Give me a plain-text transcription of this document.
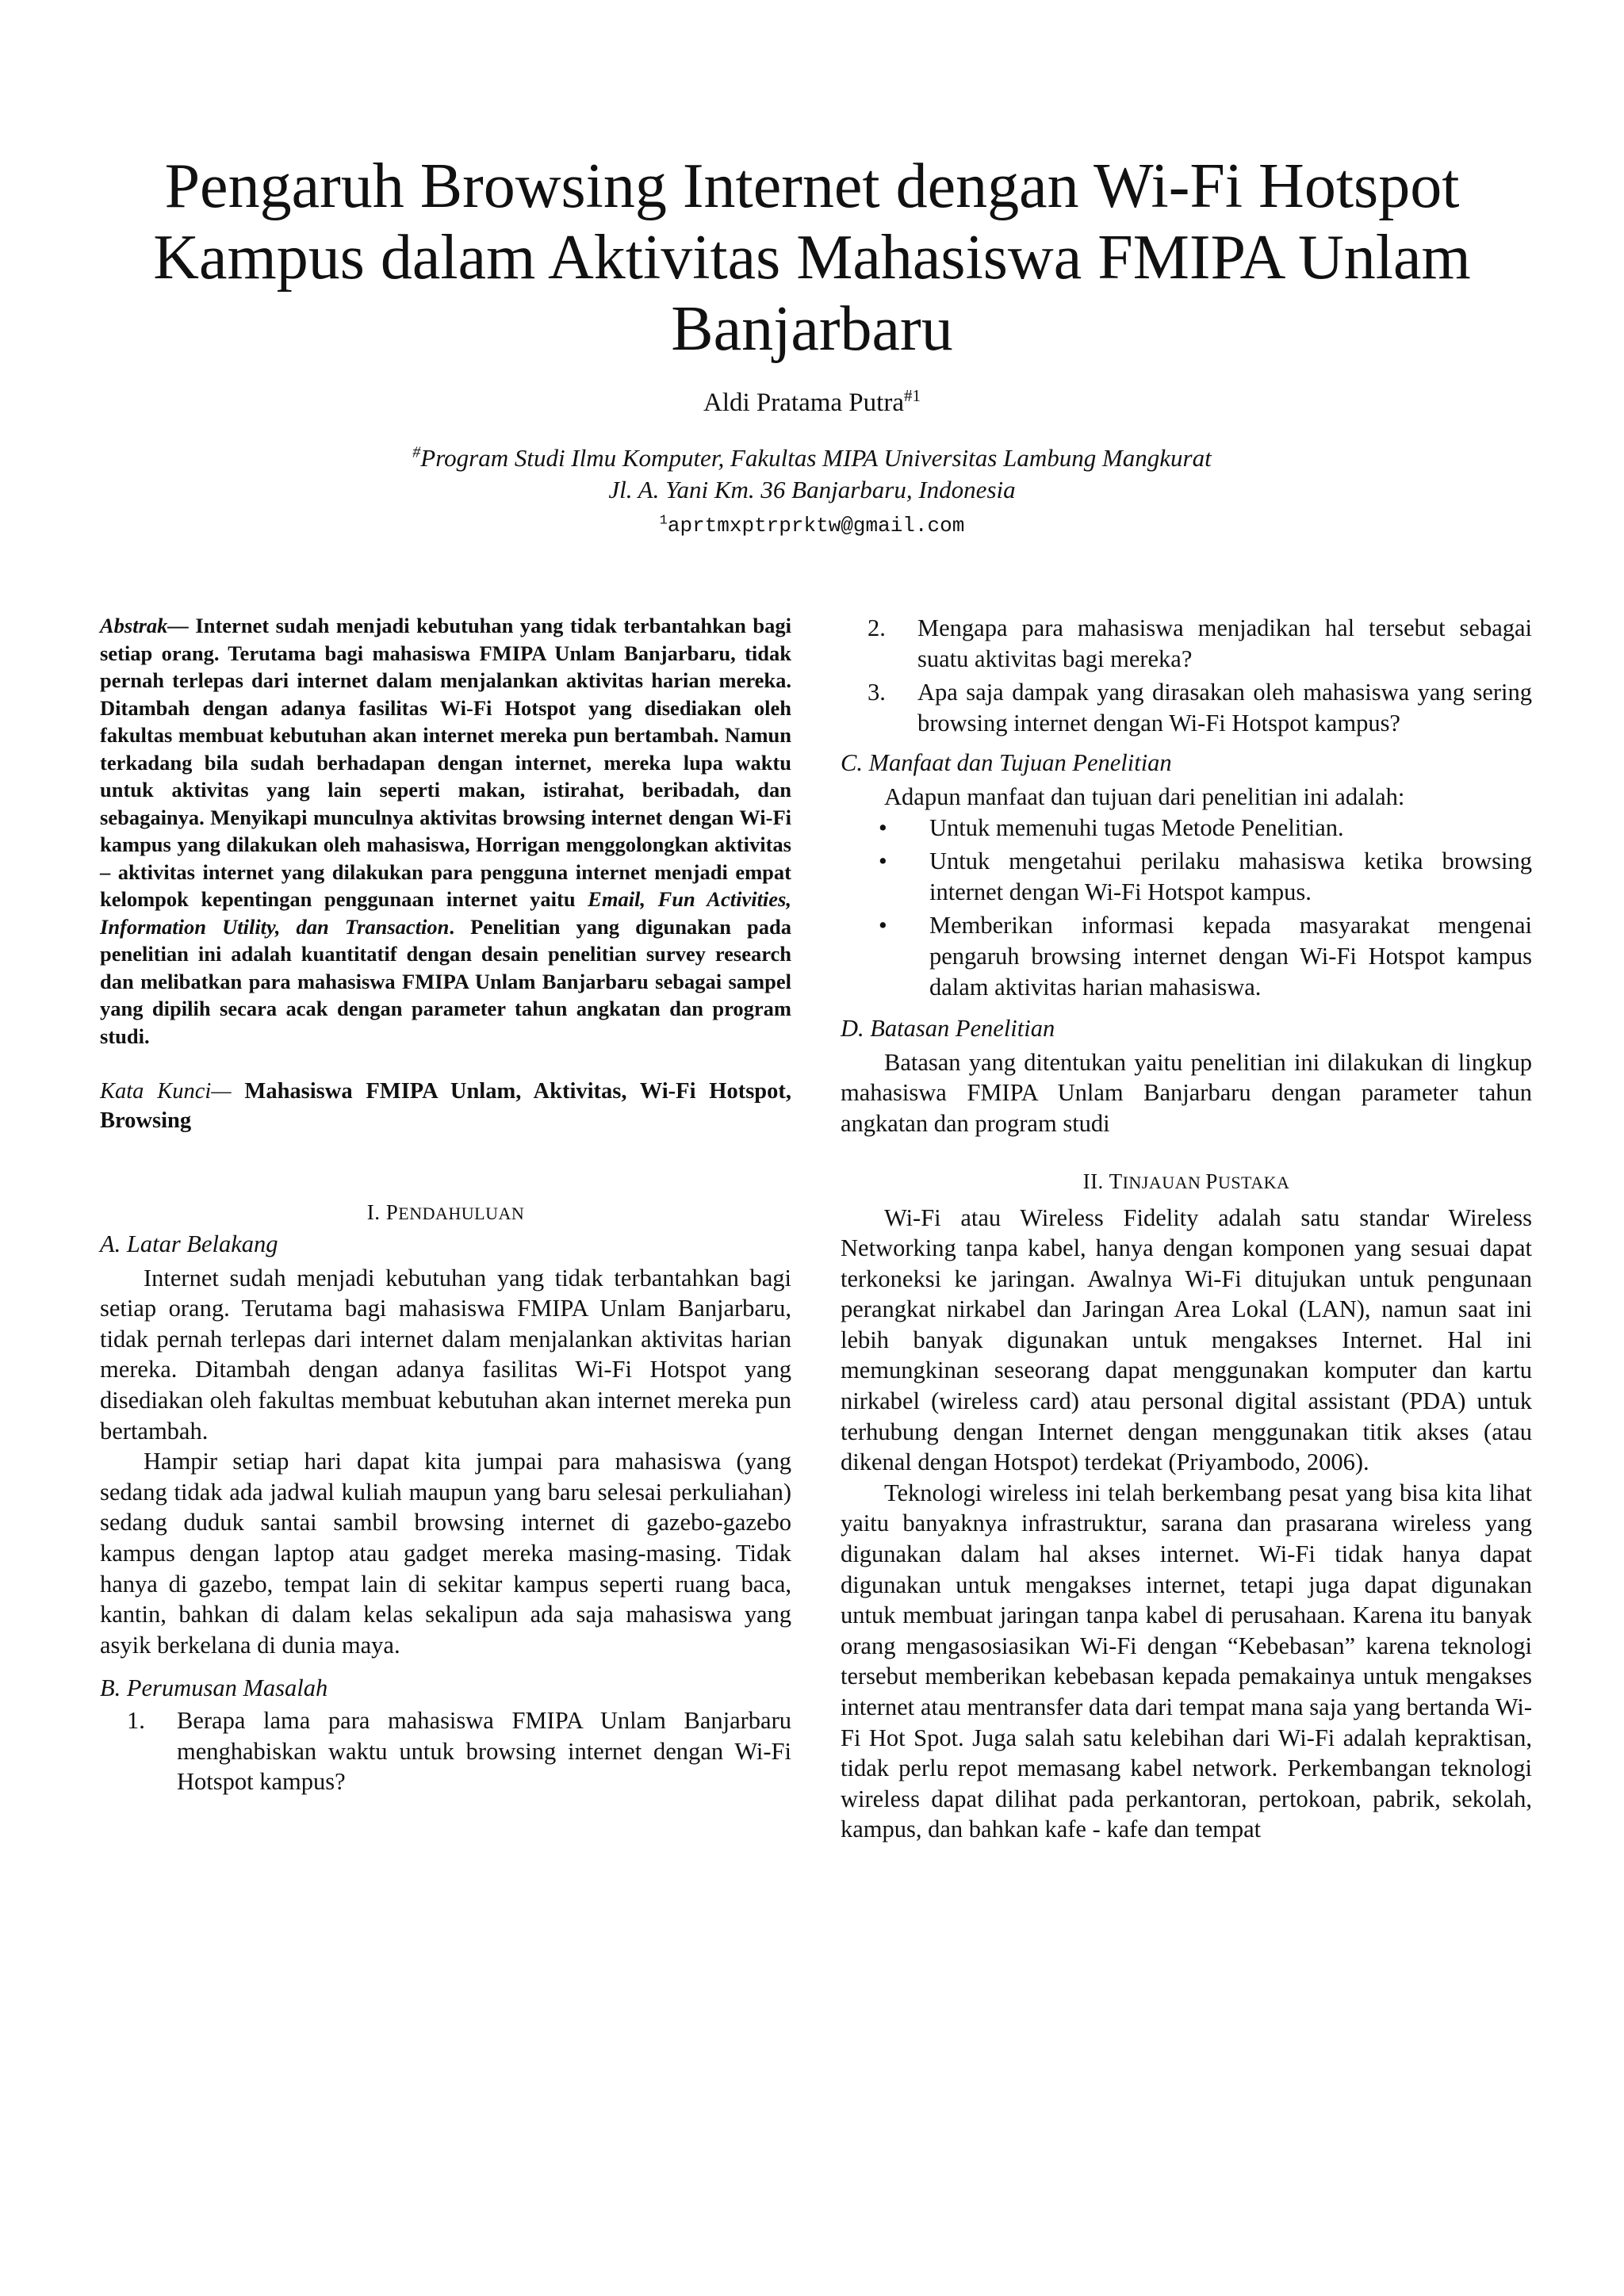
Pengaruh Browsing Internet dengan Wi-Fi Hotspot Kampus dalam Aktivitas Mahasiswa FMIPA Unlam Banjarbaru
Aldi Pratama Putra$^{\#1}$
#Program Studi Ilmu Komputer, Fakultas MIPA Universitas Lambung Mangkurat
Jl. A. Yani Km. 36 Banjarbaru, Indonesia
$^1$aprtmxptrprktw@gmail.com

Abstrak— Internet sudah menjadi kebutuhan yang tidak terbantahkan bagi setiap orang. Terutama bagi mahasiswa FMIPA Unlam Banjarbaru, tidak pernah terlepas dari internet dalam menjalankan aktivitas harian mereka. Ditambah dengan adanya fasilitas Wi-Fi Hotspot yang disediakan oleh fakultas membuat kebutuhan akan internet mereka pun bertambah. Namun terkadang bila sudah berhadapan dengan internet, mereka lupa waktu untuk aktivitas yang lain seperti makan, istirahat, beribadah, dan sebagainya. Menyikapi munculnya aktivitas browsing internet dengan Wi-Fi kampus yang dilakukan oleh mahasiswa, Horrigan menggolongkan aktivitas – aktivitas internet yang dilakukan para pengguna internet menjadi empat kelompok kepentingan penggunaan internet yaitu Email, Fun Activities, Information Utility, dan Transaction. Penelitian yang digunakan pada penelitian ini adalah kuantitatif dengan desain penelitian survey research dan melibatkan para mahasiswa FMIPA Unlam Banjarbaru sebagai sampel yang dipilih secara acak dengan parameter tahun angkatan dan program studi.

Kata Kunci— Mahasiswa FMIPA Unlam, Aktivitas, Wi-Fi Hotspot, Browsing

I. PENDAHULUAN
A. Latar Belakang

Internet sudah menjadi kebutuhan yang tidak terbantahkan bagi setiap orang. Terutama bagi mahasiswa FMIPA Unlam Banjarbaru, tidak pernah terlepas dari internet dalam menjalankan aktivitas harian mereka. Ditambah dengan adanya fasilitas Wi-Fi Hotspot yang disediakan oleh fakultas membuat kebutuhan akan internet mereka pun bertambah.

Hampir setiap hari dapat kita jumpai para mahasiswa (yang sedang tidak ada jadwal kuliah maupun yang baru selesai perkuliahan) sedang duduk santai sambil browsing internet di gazebo-gazebo kampus dengan laptop atau gadget mereka masing-masing. Tidak hanya di gazebo, tempat lain di sekitar kampus seperti ruang baca, kantin, bahkan di dalam kelas sekalipun ada saja mahasiswa yang asyik berkelana di dunia maya.

B. Perumusan Masalah
1. Berapa lama para mahasiswa FMIPA Unlam Banjarbaru menghabiskan waktu untuk browsing internet dengan Wi-Fi Hotspot kampus?
2. Mengapa para mahasiswa menjadikan hal tersebut sebagai suatu aktivitas bagi mereka?
3. Apa saja dampak yang dirasakan oleh mahasiswa yang sering browsing internet dengan Wi-Fi Hotspot kampus?
C. Manfaat dan Tujuan Penelitian

Adapun manfaat dan tujuan dari penelitian ini adalah:

• Untuk memenuhi tugas Metode Penelitian.
• Untuk mengetahui perilaku mahasiswa ketika browsing internet dengan Wi-Fi Hotspot kampus.
• Memberikan informasi kepada masyarakat mengenai pengaruh browsing internet dengan Wi-Fi Hotspot kampus dalam aktivitas harian mahasiswa.
D. Batasan Penelitian

Batasan yang ditentukan yaitu penelitian ini dilakukan di lingkup mahasiswa FMIPA Unlam Banjarbaru dengan parameter tahun angkatan dan program studi

II. TINJAUAN PUSTAKA

Wi-Fi atau Wireless Fidelity adalah satu standar Wireless Networking tanpa kabel, hanya dengan komponen yang sesuai dapat terkoneksi ke jaringan. Awalnya Wi-Fi ditujukan untuk pengunaan perangkat nirkabel dan Jaringan Area Lokal (LAN), namun saat ini lebih banyak digunakan untuk mengakses Internet. Hal ini memungkinan seseorang dapat menggunakan komputer dan kartu nirkabel (wireless card) atau personal digital assistant (PDA) untuk terhubung dengan Internet dengan menggunakan titik akses (atau dikenal dengan Hotspot) terdekat (Priyambodo, 2006).

Teknologi wireless ini telah berkembang pesat yang bisa kita lihat yaitu banyaknya infrastruktur, sarana dan prasarana wireless yang digunakan dalam hal akses internet. Wi-Fi tidak hanya dapat digunakan untuk mengakses internet, tetapi juga dapat digunakan untuk membuat jaringan tanpa kabel di perusahaan. Karena itu banyak orang mengasosiasikan Wi-Fi dengan “Kebebasan” karena teknologi tersebut memberikan kebebasan kepada pemakainya untuk mengakses internet atau mentransfer data dari tempat mana saja yang bertanda Wi-Fi Hot Spot. Juga salah satu kelebihan dari Wi-Fi adalah kepraktisan, tidak perlu repot memasang kabel network. Perkembangan teknologi wireless dapat dilihat pada perkantoran, pertokoan, pabrik, sekolah, kampus, dan bahkan kafe - kafe dan tempat
